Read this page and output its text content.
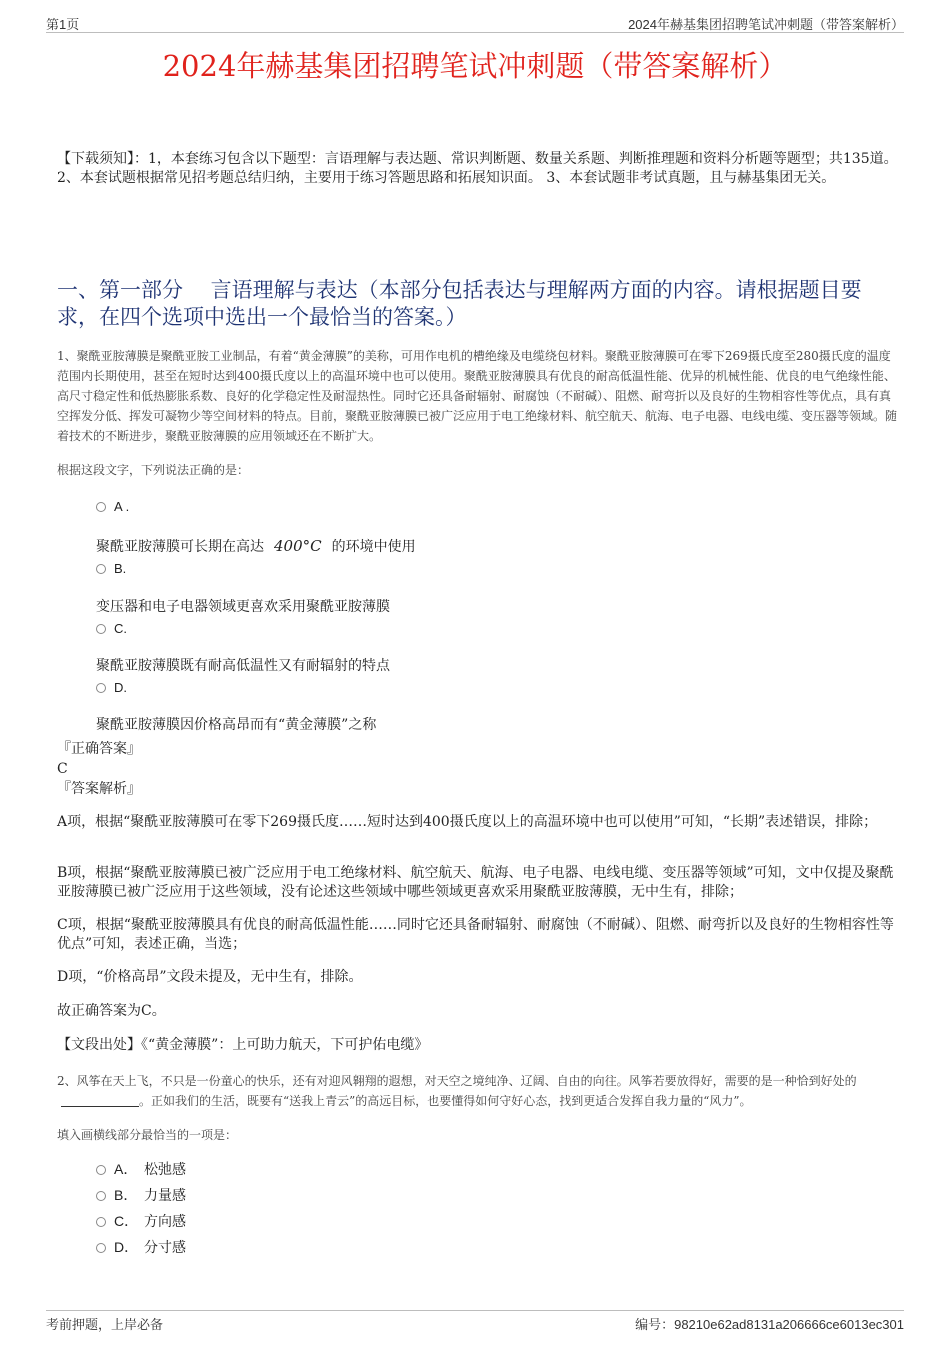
第1页	2024年赫基集团招聘笔试冲刺题（带答案解析）
2024年赫基集团招聘笔试冲刺题（带答案解析）
【下载须知】：1，本套练习包含以下题型：言语理解与表达题、常识判断题、数量关系题、判断推理题和资料分析题等题型；共135道。 2、本套试题根据常见招考题总结归纳，主要用于练习答题思路和拓展知识面。 3、本套试题非考试真题，且与赫基集团无关。
一、第一部分　 言语理解与表达（本部分包括表达与理解两方面的内容。请根据题目要求，在四个选项中选出一个最恰当的答案。）
1、聚酰亚胺薄膜是聚酰亚胺工业制品，有着“黄金薄膜”的美称，可用作电机的槽绝缘及电缆绕包材料。聚酰亚胺薄膜可在零下269摄氏度至280摄氏度的温度范围内长期使用，甚至在短时达到400摄氏度以上的高温环境中也可以使用。聚酰亚胺薄膜具有优良的耐高低温性能、优异的机械性能、优良的电气绝缘性能、高尺寸稳定性和低热膨胀系数、良好的化学稳定性及耐湿热性。同时它还具备耐辐射、耐腐蚀（不耐碱）、阻燃、耐弯折以及良好的生物相容性等优点，具有真空挥发分低、挥发可凝物少等空间材料的特点。目前，聚酰亚胺薄膜已被广泛应用于电工绝缘材料、航空航天、航海、电子电器、电线电缆、变压器等领域。随着技术的不断进步，聚酰亚胺薄膜的应用领域还在不断扩大。
根据这段文字，下列说法正确的是：
A .
聚酰亚胺薄膜可长期在高达 400°C 的环境中使用
B.
变压器和电子电器领域更喜欢采用聚酰亚胺薄膜
C.
聚酰亚胺薄膜既有耐高低温性又有耐辐射的特点
D.
聚酰亚胺薄膜因价格高昂而有“黄金薄膜”之称
『正确答案』
C
『答案解析』
A项，根据“聚酰亚胺薄膜可在零下269摄氏度……短时达到400摄氏度以上的高温环境中也可以使用”可知，“长期”表述错误，排除；
B项，根据“聚酰亚胺薄膜已被广泛应用于电工绝缘材料、航空航天、航海、电子电器、电线电缆、变压器等领域”可知，文中仅提及聚酰亚胺薄膜已被广泛应用于这些领域，没有论述这些领域中哪些领域更喜欢采用聚酰亚胺薄膜，无中生有，排除；
C项，根据“聚酰亚胺薄膜具有优良的耐高低温性能……同时它还具备耐辐射、耐腐蚀（不耐碱）、阻燃、耐弯折以及良好的生物相容性等优点”可知，表述正确，当选；
D项，“价格高昂”文段未提及，无中生有，排除。
故正确答案为C。
【文段出处】《“黄金薄膜”：上可助力航天，下可护佑电缆》
2、风筝在天上飞，不只是一份童心的快乐，还有对迎风翱翔的遐想，对天空之境纯净、辽阔、自由的向往。风筝若要放得好，需要的是一种恰到好处的。正如我们的生活，既要有“送我上青云”的高远目标，也要懂得如何守好心态，找到更适合发挥自我力量的“风力”。
填入画横线部分最恰当的一项是：
A． 松弛感
B． 力量感
C． 方向感
D． 分寸感
考前押题，上岸必备	编号：98210e62ad8131a206666ce6013ec301
